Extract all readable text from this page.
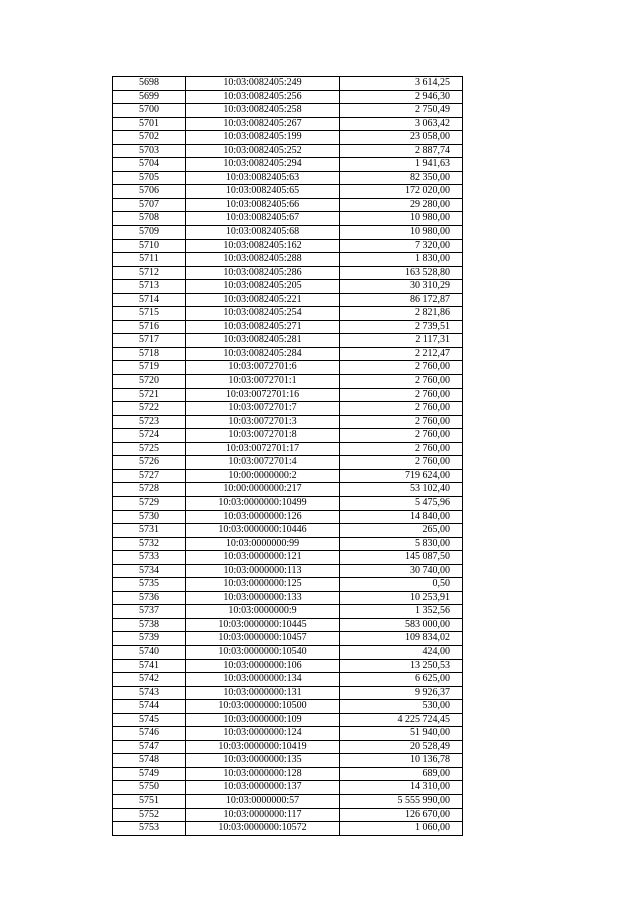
5698	10:03:0082405:249	3 614,25
5699	10:03:0082405:256	2 946,30
5700	10:03:0082405:258	2 750,49
5701	10:03:0082405:267	3 063,42
5702	10:03:0082405:199	23 058,00
5703	10:03:0082405:252	2 887,74
5704	10:03:0082405:294	1 941,63
5705	10:03:0082405:63	82 350,00
5706	10:03:0082405:65	172 020,00
5707	10:03:0082405:66	29 280,00
5708	10:03:0082405:67	10 980,00
5709	10:03:0082405:68	10 980,00
5710	10:03:0082405:162	7 320,00
5711	10:03:0082405:288	1 830,00
5712	10:03:0082405:286	163 528,80
5713	10:03:0082405:205	30 310,29
5714	10:03:0082405:221	86 172,87
5715	10:03:0082405:254	2 821,86
5716	10:03:0082405:271	2 739,51
5717	10:03:0082405:281	2 117,31
5718	10:03:0082405:284	2 212,47
5719	10:03:0072701:6	2 760,00
5720	10:03:0072701:1	2 760,00
5721	10:03:0072701:16	2 760,00
5722	10:03:0072701:7	2 760,00
5723	10:03:0072701:3	2 760,00
5724	10:03:0072701:8	2 760,00
5725	10:03:0072701:17	2 760,00
5726	10:03:0072701:4	2 760,00
5727	10:00:0000000:2	719 624,00
5728	10:00:0000000:217	53 102,40
5729	10:03:0000000:10499	5 475,96
5730	10:03:0000000:126	14 840,00
5731	10:03:0000000:10446	265,00
5732	10:03:0000000:99	5 830,00
5733	10:03:0000000:121	145 087,50
5734	10:03:0000000:113	30 740,00
5735	10:03:0000000:125	0,50
5736	10:03:0000000:133	10 253,91
5737	10:03:0000000:9	1 352,56
5738	10:03:0000000:10445	583 000,00
5739	10:03:0000000:10457	109 834,02
5740	10:03:0000000:10540	424,00
5741	10:03:0000000:106	13 250,53
5742	10:03:0000000:134	6 625,00
5743	10:03:0000000:131	9 926,37
5744	10:03:0000000:10500	530,00
5745	10:03:0000000:109	4 225 724,45
5746	10:03:0000000:124	51 940,00
5747	10:03:0000000:10419	20 528,49
5748	10:03:0000000:135	10 136,78
5749	10:03:0000000:128	689,00
5750	10:03:0000000:137	14 310,00
5751	10:03:0000000:57	5 555 990,00
5752	10:03:0000000:117	126 670,00
5753	10:03:0000000:10572	1 060,00
